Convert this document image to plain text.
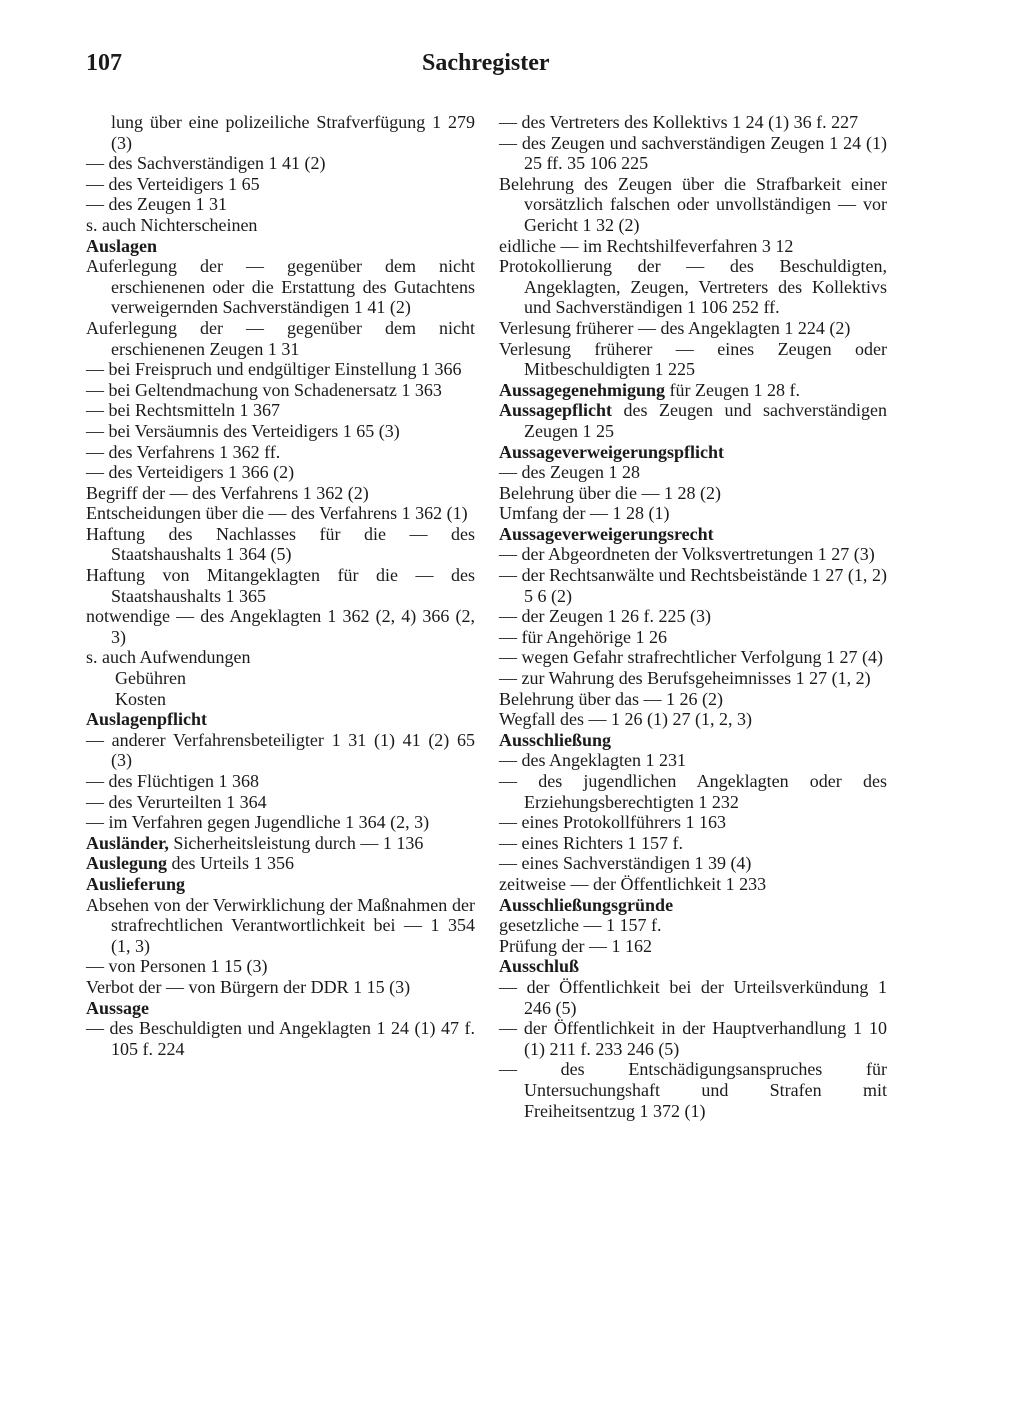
107	Sachregister
lung über eine polizeiliche Strafverfügung 1 279 (3)
— des Sachverständigen 1 41 (2)
— des Verteidigers 1 65
— des Zeugen 1 31
s. auch Nichterscheinen
Auslagen
Auferlegung der — gegenüber dem nicht erschienenen oder die Erstattung des Gutachtens verweigernden Sachverständigen 1 41 (2)
Auferlegung der — gegenüber dem nicht erschienenen Zeugen 1 31
— bei Freispruch und endgültiger Einstellung 1 366
— bei Geltendmachung von Schadenersatz 1 363
— bei Rechtsmitteln 1 367
— bei Versäumnis des Verteidigers 1 65 (3)
— des Verfahrens 1 362 ff.
— des Verteidigers 1 366 (2)
Begriff der — des Verfahrens 1 362 (2)
Entscheidungen über die — des Verfahrens 1 362 (1)
Haftung des Nachlasses für die — des Staatshaushalts 1 364 (5)
Haftung von Mitangeklagten für die — des Staatshaushalts 1 365
notwendige — des Angeklagten 1 362 (2, 4) 366 (2, 3)
s. auch Aufwendungen
Gebühren
Kosten
Auslagenpflicht
— anderer Verfahrensbeteiligter 1 31 (1) 41 (2) 65 (3)
— des Flüchtigen 1 368
— des Verurteilten 1 364
— im Verfahren gegen Jugendliche 1 364 (2, 3)
Ausländer, Sicherheitsleistung durch — 1 136
Auslegung des Urteils 1 356
Auslieferung
Absehen von der Verwirklichung der Maßnahmen der strafrechtlichen Verantwortlichkeit bei — 1 354 (1, 3)
— von Personen 1 15 (3)
Verbot der — von Bürgern der DDR 1 15 (3)
Aussage
— des Beschuldigten und Angeklagten 1 24 (1) 47 f. 105 f. 224
— des Vertreters des Kollektivs 1 24 (1) 36 f. 227
— des Zeugen und sachverständigen Zeugen 1 24 (1) 25 ff. 35 106 225
Belehrung des Zeugen über die Strafbarkeit einer vorsätzlich falschen oder unvollständigen — vor Gericht 1 32 (2)
eidliche — im Rechtshilfeverfahren 3 12
Protokollierung der — des Beschuldigten, Angeklagten, Zeugen, Vertreters des Kollektivs und Sachverständigen 1 106 252 ff.
Verlesung früherer — des Angeklagten 1 224 (2)
Verlesung früherer — eines Zeugen oder Mitbeschuldigten 1 225
Aussagegenehmigung für Zeugen 1 28 f.
Aussagepflicht des Zeugen und sachverständigen Zeugen 1 25
Aussageverweigerungspflicht
— des Zeugen 1 28
Belehrung über die — 1 28 (2)
Umfang der — 1 28 (1)
Aussageverweigerungsrecht
— der Abgeordneten der Volksvertretungen 1 27 (3)
— der Rechtsanwälte und Rechtsbeistände 1 27 (1, 2) 5 6 (2)
— der Zeugen 1 26 f. 225 (3)
— für Angehörige 1 26
— wegen Gefahr strafrechtlicher Verfolgung 1 27 (4)
— zur Wahrung des Berufsgeheimnisses 1 27 (1, 2)
Belehrung über das — 1 26 (2)
Wegfall des — 1 26 (1) 27 (1, 2, 3)
Ausschließung
— des Angeklagten 1 231
— des jugendlichen Angeklagten oder des Erziehungsberechtigten 1 232
— eines Protokollführers 1 163
— eines Richters 1 157 f.
— eines Sachverständigen 1 39 (4)
zeitweise — der Öffentlichkeit 1 233
Ausschließungsgründe
gesetzliche — 1 157 f.
Prüfung der — 1 162
Ausschluß
— der Öffentlichkeit bei der Urteilsverkündung 1 246 (5)
— der Öffentlichkeit in der Hauptverhandlung 1 10 (1) 211 f. 233 246 (5)
— des Entschädigungsanspruches für Untersuchungshaft und Strafen mit Freiheitsentzug 1 372 (1)
